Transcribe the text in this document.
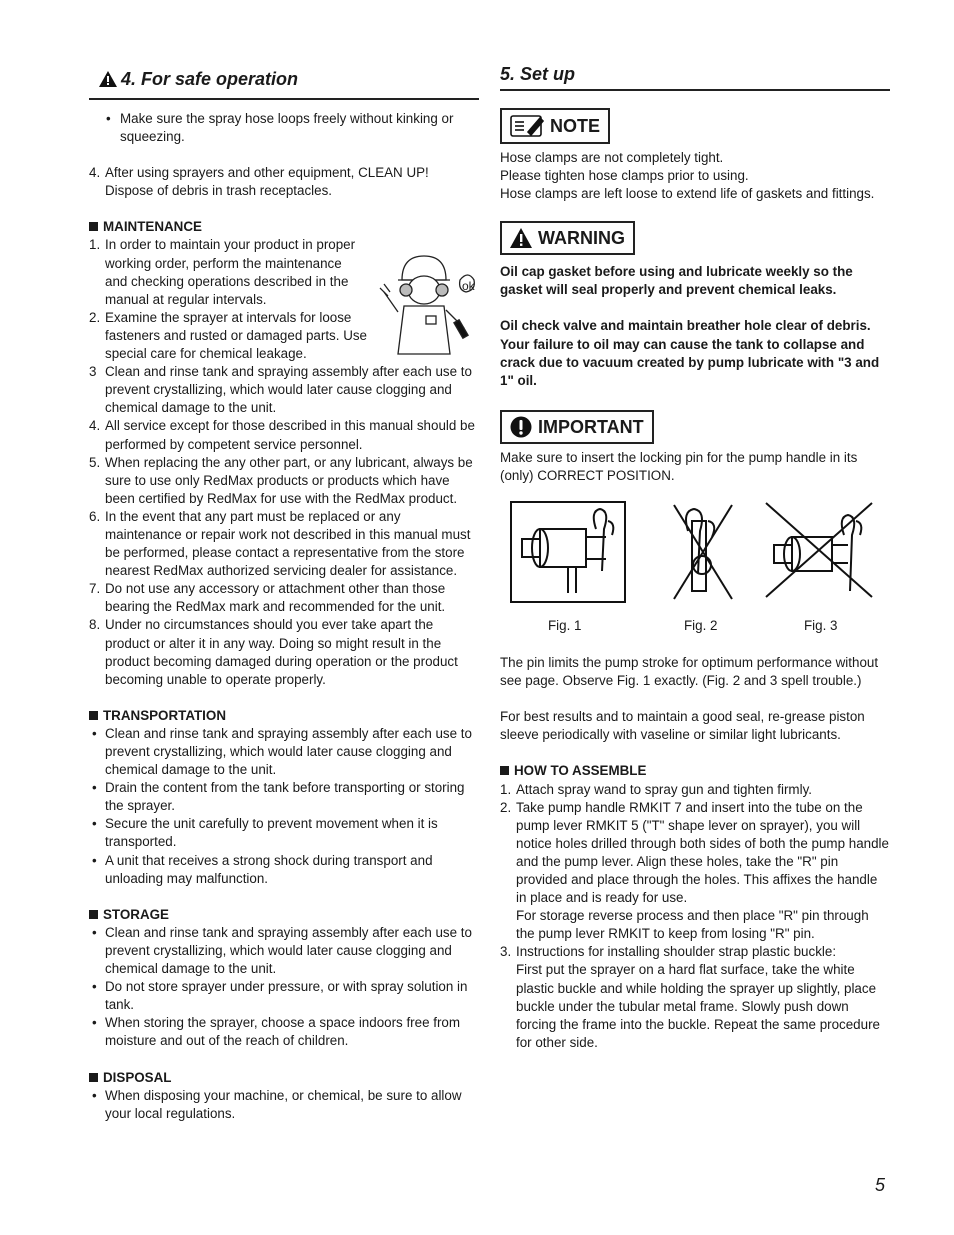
4. For safe operation
• Make sure the spray hose loops freely without kinking or squeezing.
4. After using sprayers and other equipment, CLEAN UP! Dispose of debris in trash receptacles.
MAINTENANCE
1. In order to maintain your product in proper working order, perform the maintenance and checking operations described in the manual at regular intervals.
2. Examine the sprayer at intervals for loose fasteners and rusted or damaged parts. Use special care for chemical leakage.
3 Clean and rinse tank and spraying assembly after each use to prevent crystallizing, which would later cause clogging and chemical damage to the unit.
4. All service except for those described in this manual should be performed by competent service personnel.
5. When replacing the any other part, or any lubricant, always be sure to use only RedMax products or products which have been certified by RedMax for use with the RedMax product.
6. In the event that any part must be replaced or any maintenance or repair work not described in this manual must be performed, please contact a representative from the store nearest RedMax authorized servicing dealer for assistance.
7. Do not use any accessory or attachment other than those bearing the RedMax mark and recommended for the unit.
8. Under no circumstances should you ever take apart the product or alter it in any way. Doing so might result in the product becoming damaged during operation or the product becoming unable to operate properly.
TRANSPORTATION
• Clean and rinse tank and spraying assembly after each use to prevent crystallizing, which would later cause clogging and chemical damage to the unit.
• Drain the content from the tank before transporting or storing the sprayer.
• Secure the unit carefully to prevent movement when it is transported.
• A unit that receives a strong shock during transport and unloading may malfunction.
STORAGE
• Clean and rinse tank and spraying assembly after each use to prevent crystallizing, which would later cause clogging and chemical damage to the unit.
• Do not store sprayer under pressure, or with spray solution in tank.
• When storing the sprayer, choose a space indoors free from moisture and out of the reach of children.
DISPOSAL
• When disposing your machine, or chemical, be sure to allow your local regulations.
ok
5. Set up
NOTE

Hose clamps are not completely tight.

Please tighten hose clamps prior to using.

Hose clamps are left loose to extend life of gaskets and fittings.

WARNING

Oil cap gasket before using and lubricate weekly so the gasket will seal properly and prevent chemical leaks.

Oil check valve and maintain breather hole clear of debris. Your failure to oil may can cause the tank to collapse and crack due to vacuum created by pump lubricate with "3 and 1" oil.

IMPORTANT

Make sure to insert the locking pin for the pump handle in its (only) CORRECT POSITION.

Fig. 1	Fig. 2	Fig. 3

The pin limits the pump stroke for optimum performance without see page. Observe Fig. 1 exactly. (Fig. 2 and 3 spell trouble.)

For best results and to maintain a good seal, re-grease piston sleeve periodically with vaseline or similar light lubricants.

HOW TO ASSEMBLE
1. Attach spray wand to spray gun and tighten firmly.
2. Take pump handle RMKIT 7 and insert into the tube on the pump lever RMKIT 5 ("T" shape lever on sprayer), you will notice holes drilled through both sides of both the pump handle and the pump lever. Align these holes, take the "R" pin provided and place through the holes. This affixes the handle in place and is ready for use.
For storage reverse process and then place "R" pin through the pump lever RMKIT to keep from losing "R" pin.
3. Instructions for installing shoulder strap plastic buckle:
First put the sprayer on a hard flat surface, take the white plastic buckle and while holding the sprayer up slightly, place buckle under the tubular metal frame. Slowly push down forcing the frame into the buckle. Repeat the same procedure for other side.
5
